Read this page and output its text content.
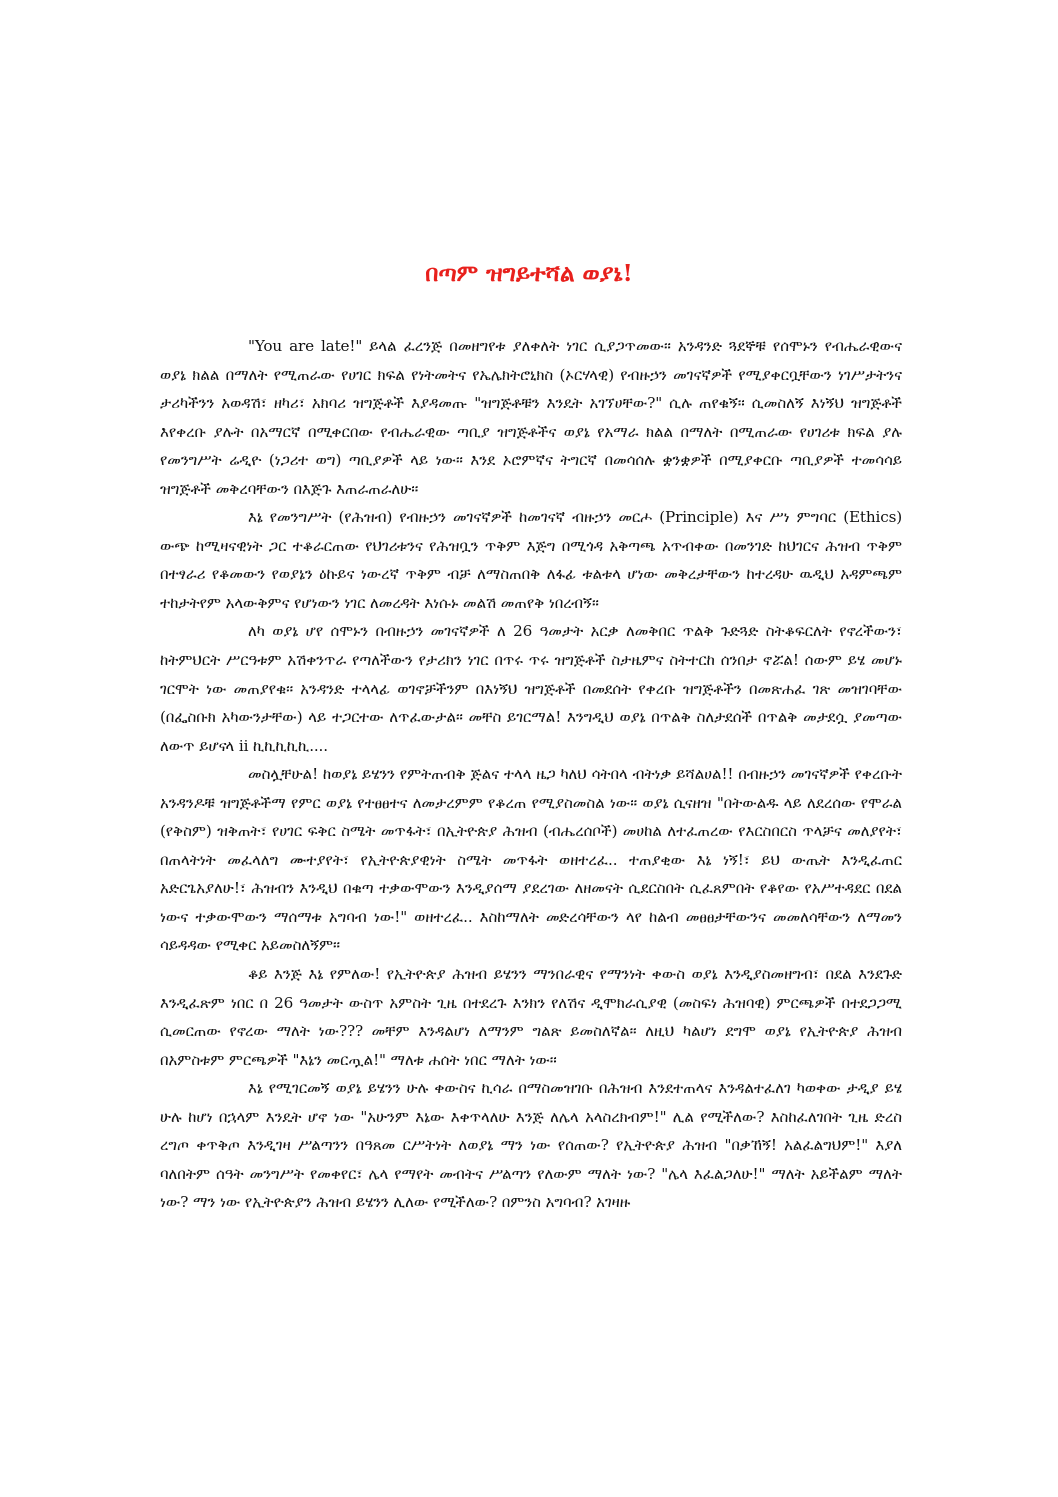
በጣም ዝግይተሻል ወያኔ!

"You are late!" ይላል ፈረንጅ በመዘግየቱ ያለቀለት ነገር ሲያጋጥመው፡፡ አንዳንድ ጓደኞቹ የሰሞኑን የብሔራዊውና ወያኔ ክልል በማለት የሚጠራው የሀገር ክፍል የነትመትና የኤሌክትሮኒክስ (ኦርሃላዊ) የብዙኃን መገናኛዎች የሚያቀርቧቸውን ነገሥታትንና ታሪካችንን አወዳሽ፣ ዘካሪ፣ አክባሪ ዝግጅቶች እያዳመጡ "ዝግጅቶቹን እንዴት አገኘሀቸው?" ሲሉ ጠየቁኝ፡፡ ሲመስለኝ እነኝህ ዝግጅቶች እየቀረቡ ያሉት በአማርኛ በሚቀርበው የብሔራዊው ጣቢያ ዝግጅቶችና ወያኔ የአማራ ክልል በማለት በሚጠራው የሀገሪቱ ክፍል ያሉ የመንግሥት ሬዲዮ (ነጋሪተ ወግ) ጣቢያዎች ላይ ነው፡፡ እንደ ኦሮምኛና ትግርኛ በመሳሰሉ ቋንቋዎች በሚያቀርቡ ጣቢያዎች ተመሳሳይ ዝግጅቶች መቅረባቸውን በእጅጉ እጠራጠራለሁ፡፡

እኔ የመንግሥት (የሕዝብ) የብዙኃን መገናኛዎች ከመገናኛ ብዙኃን መርሖ (Principle) እና ሥነ ምግባር (Ethics) ውጭ ከሚዛናዊነት ጋር ተቆራርጠው የህገሪቱንና የሕዝቧን ጥቅም እጅግ በሚጎዳ አቅጣጫ አጥብቀው በመንገድ ከህገርና ሕዝብ ጥቅም በተፃራሪ የቆመውን የወያኔን ዕኩይና ነውረኛ ጥቅም ብቻ ለማስጠበቅ ለፋፊ ቱልቱላ ሆነው መቅረታቸውን ከተረዳሁ ዉዲህ አዳምጫም ተከታትየም አላውቅምና የሆነውን ነገር ለመረዳት እነሱኑ መልሽ መጠየቅ ነበረብኝ፡፡

ለካ ወያኔ ሆየ ሰሞኑን በብዙኃን መገናኛዎች ለ 26 ዓመታት አርቃ ለመቅበር ጥልቅ ጉድጓድ ስትቆፍርለት የኖረችውን፣ ከትምህርት ሥርዓቱም አሽቀንጥራ የጣለችውን የታሪክን ነገር በጥሩ ጥሩ ዝግጅቶች ስታዜምና ስትተርከ ሰንበታ ኖሯል! ሰውም ይሄ መሆኑ ገርሞት ነው መጠያየቁ፡፡ አንዳንድ ተላላፊ ወገኖቻችንም በእነኝህ ዝግጅቶች በመደሰት የቀረቡ ዝግጅቶችን በመጽሐፈ ገጽ መዝገባቸው (በፌስቡክ አካውንታቸው) ላይ ተጋርተው ለጥፈውታል፡፡ መቸስ ይገርማል! እንግዲህ ወያኔ በጥልቅ ስለታደሰች በጥልቅ መታደሷ ያመጣው ለውጥ ይሆናላ ii ኪኪኪኪኪ....

መስሏቸሁል! ከወያኔ ይሄንን የምትጠብቅ ጅልና ተላላ ዜጋ ካለህ ሳትበላ ብትነቃ ይሻልሀል!! በብዙኃን መገናኛዎች የቀረቡት አንዳንዶቹ ዝግጅቶችማ የምር ወያኔ የተፀፀተና ለመታረምም የቆረጠ የሚያስመስል ነው፡፡ ወያኔ ሲናዘዝ "በትውልዱ ላይ ለደረሰው የሞራል (የቅስም) ዝቅጠት፣ የሀገር ፍቅር ስሜት መጥፋት፣ በኢትዮጵያ ሕዝብ (ብሔረሰቦች) መሀከል ለተፈጠረው የእርስበርስ ጥላቻና መለያየት፣ በጠላትነት መፈላለግ ሙተያየት፣ የኢትዮጵያዊነት ስሜት መጥፋት ወዘተረፈ.. ተጠያቂው እኔ ነኝ!፣ ይህ ውጤት እንዲፈጠር አድርጌአያለሁ!፣ ሕዝብን እንዲህ በቁጣ ተቃውሞውን እንዲያሰማ ያደረገው ለዘመናት ሲደርስበት ሲፈጸምበት የቆየው የአሥተዳደር በደል ነውና ተቃውሞውን ማሰማቱ አግባብ ነው!" ወዘተረፈ.. እስከማለት መድረሳቸውን ላየ ከልብ መፀፀታቸውንና መመለሳቸውን ለማመን ሳይዳዳው የሚቀር አይመስለኝም፡፡

ቆይ እንጅ እኔ የምለው! የኢትዮጵያ ሕዝብ ይሄንን ማንበራዊና የማንነት ቀውስ ወያኔ እንዲያስመዘግብ፣ በደል እንደጉድ እንዲፈጽም ነበር በ 26 ዓመታት ውስጥ አምስት ጊዜ በተደረጉ እንክን የለሽና ዲሞክራሲያዊ (መስፍነ ሕዝባዊ) ምርጫዎች በተደጋጋሚ ሲመርጠው የኖረው ማለት ነው??? መቸም እንዳልሆነ ለማንም ግልጽ ይመስለኛል፡፡ ለዚህ ካልሆነ ደግሞ ወያኔ የኢትዮጵያ ሕዝብ በአምስቱም ምርጫዎች "እኔን መርጧል!" ማለቱ ሐሰት ነበር ማለት ነው፡፡

እኔ የሚገርመኝ ወያኔ ይሄንን ሁሉ ቀውስና ኪሳራ በማስመዝገቡ በሕዝብ እንደተጠላና እንዳልተፈለገ ካወቀው ታዲያ ይሄ ሁሉ ከሆነ በኋላም እንዴት ሆኖ ነው "አሁንም እኔው እቀጥላለሁ እንጅ ለሌላ አላስረክብም!" ሊል የሚችለው? እስከፈለገበት ጊዜ ድረስ ረግጦ ቀጥቅጦ እንዲገዛ ሥልጣንን በዓጸመ ርሥትነት ለወያኔ ማን ነው የሰጠው? የኢትዮጵያ ሕዝብ "በቃኸኝ! አልፈልግህም!" እያለ ባለበትም ሰዓት መንግሥት የመቀየር፣ ሌላ የማየት መብትና ሥልጣን የለውም ማለት ነው? "ሌላ እፈልጋለሁ!" ማለት አይችልም ማለት ነው? ማን ነው የኢትዮጵያን ሕዝብ ይሄንን ሊለው የሚችለው? በምንስ አግባብ? አገዛዙ
